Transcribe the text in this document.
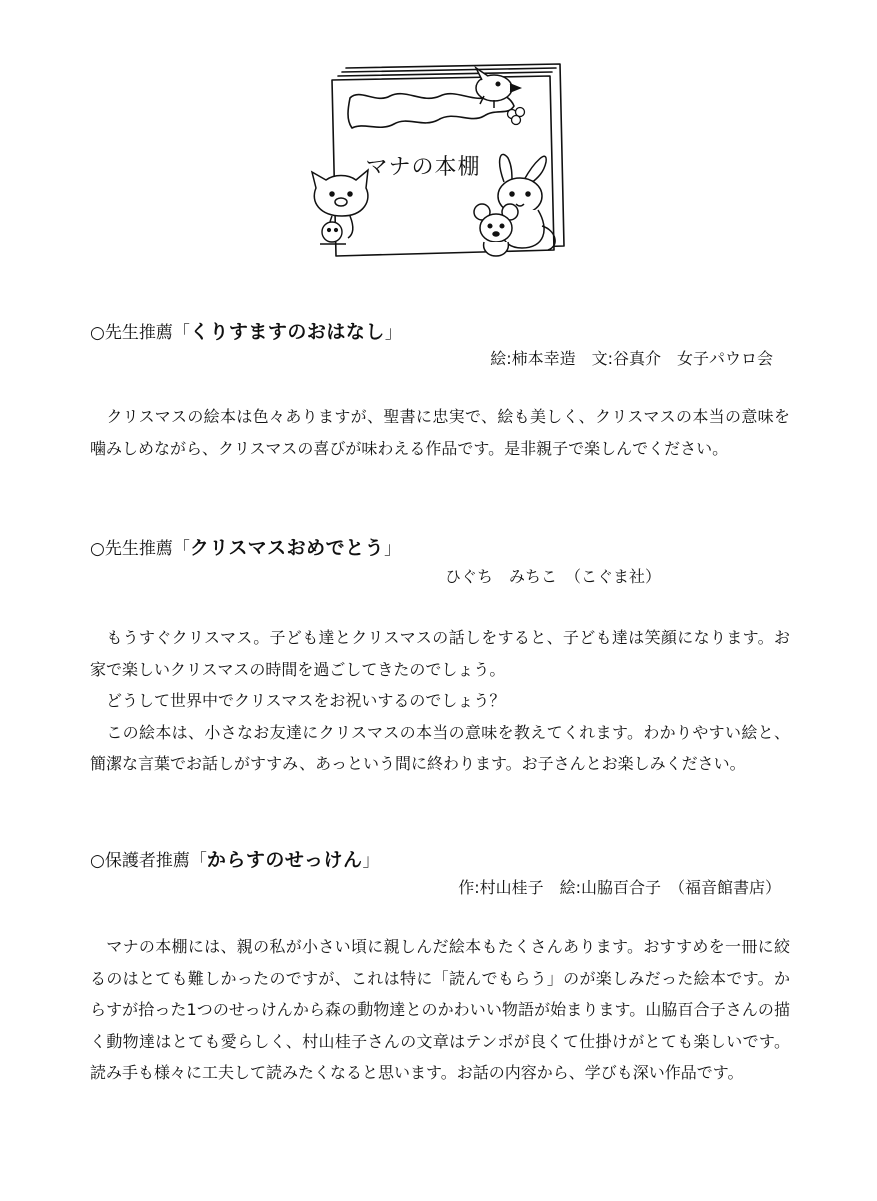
マナの本棚
○先生推薦「くりすますのおはなし」
絵:柿本幸造　文:谷真介　女子パウロ会

　クリスマスの絵本は色々ありますが、聖書に忠実で、絵も美しく、クリスマスの本当の意味を噛みしめながら、クリスマスの喜びが味わえる作品です。是非親子で楽しんでください。

○先生推薦「クリスマスおめでとう」
ひぐち　みちこ　（こぐま社）

　もうすぐクリスマス。子ども達とクリスマスの話しをすると、子ども達は笑顔になります。お家で楽しいクリスマスの時間を過ごしてきたのでしょう。

　どうして世界中でクリスマスをお祝いするのでしょう？

　この絵本は、小さなお友達にクリスマスの本当の意味を教えてくれます。わかりやすい絵と、簡潔な言葉でお話しがすすみ、あっという間に終わります。お子さんとお楽しみください。

○保護者推薦「からすのせっけん」
作:村山桂子　絵:山脇百合子　（福音館書店）

　マナの本棚には、親の私が小さい頃に親しんだ絵本もたくさんあります。おすすめを一冊に絞るのはとても難しかったのですが、これは特に「読んでもらう」のが楽しみだった絵本です。からすが拾った1つのせっけんから森の動物達とのかわいい物語が始まります。山脇百合子さんの描く動物達はとても愛らしく、村山桂子さんの文章はテンポが良くて仕掛けがとても楽しいです。読み手も様々に工夫して読みたくなると思います。お話の内容から、学びも深い作品です。
